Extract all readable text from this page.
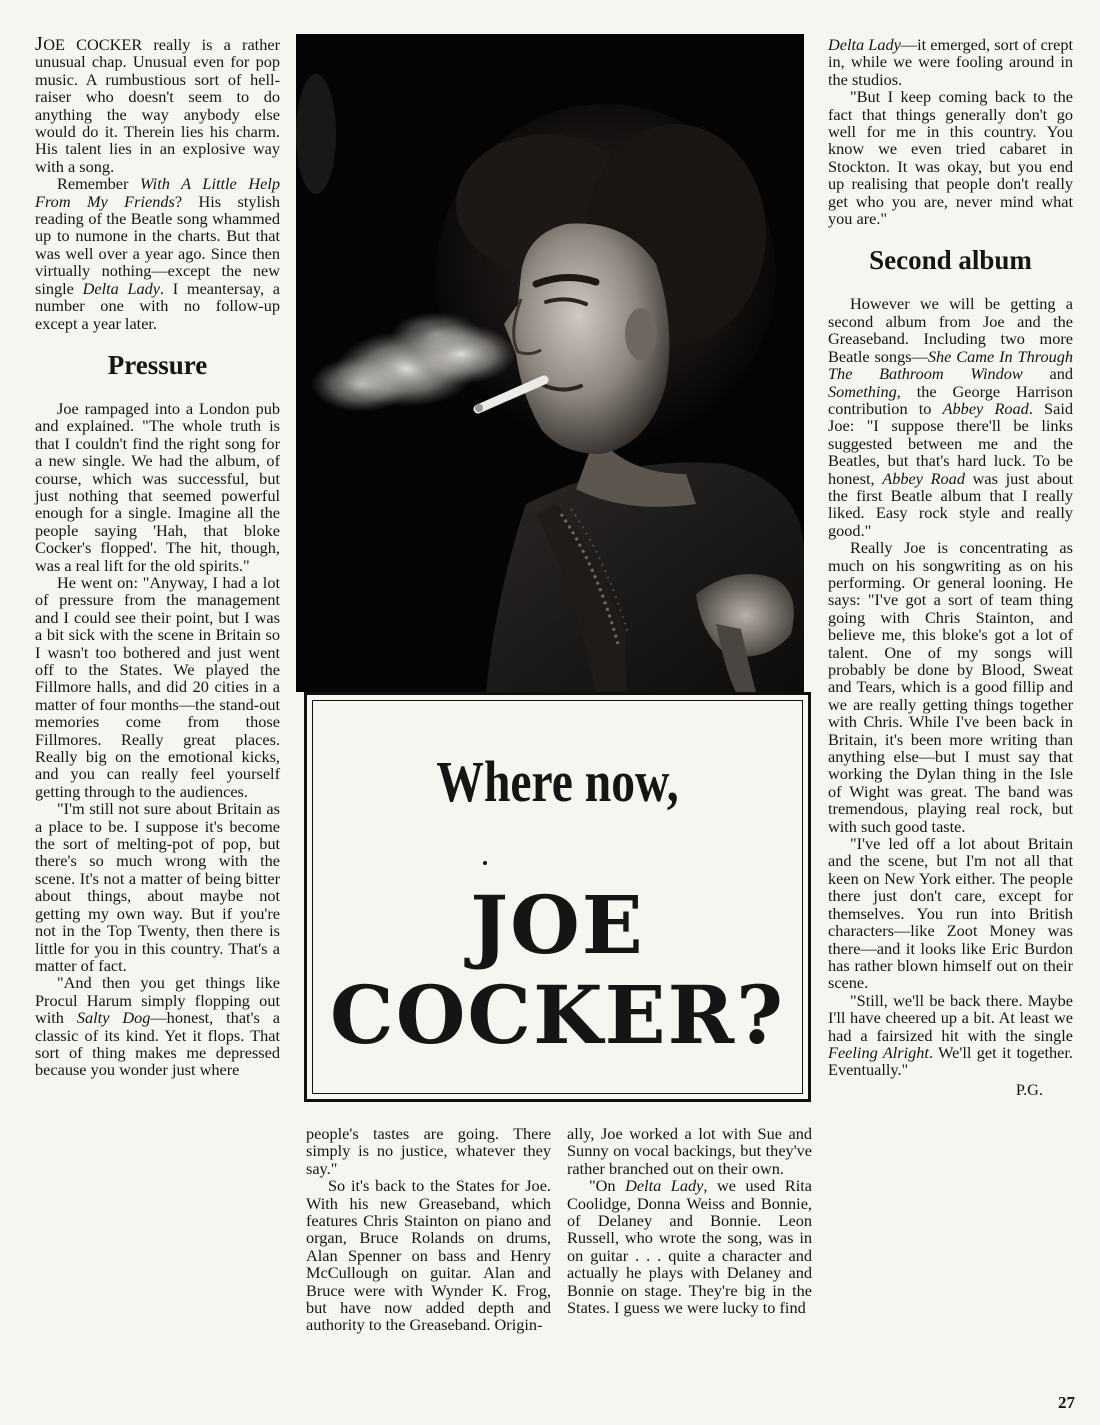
JOE COCKER really is a rather unusual chap. Unusual even for pop music. A rumbustious sort of hell-raiser who doesn't seem to do anything the way anybody else would do it. Therein lies his charm. His talent lies in an explosive way with a song.

Remember With A Little Help From My Friends? His stylish reading of the Beatle song whammed up to numone in the charts. But that was well over a year ago. Since then virtually nothing—except the new single Delta Lady. I meantersay, a number one with no follow-up except a year later.

Pressure

Joe rampaged into a London pub and explained. "The whole truth is that I couldn't find the right song for a new single. We had the album, of course, which was successful, but just nothing that seemed powerful enough for a single. Imagine all the people saying 'Hah, that bloke Cocker's flopped'. The hit, though, was a real lift for the old spirits."

He went on: "Anyway, I had a lot of pressure from the management and I could see their point, but I was a bit sick with the scene in Britain so I wasn't too bothered and just went off to the States. We played the Fillmore halls, and did 20 cities in a matter of four months—the stand-out memories come from those Fillmores. Really great places. Really big on the emotional kicks, and you can really feel yourself getting through to the audiences.

"I'm still not sure about Britain as a place to be. I suppose it's become the sort of melting-pot of pop, but there's so much wrong with the scene. It's not a matter of being bitter about things, about maybe not getting my own way. But if you're not in the Top Twenty, then there is little for you in this country. That's a matter of fact.

"And then you get things like Procul Harum simply flopping out with Salty Dog—honest, that's a classic of its kind. Yet it flops. That sort of thing makes me depressed because you wonder just where

Where now,
JOE
COCKER?

people's tastes are going. There simply is no justice, whatever they say."

So it's back to the States for Joe. With his new Greaseband, which features Chris Stainton on piano and organ, Bruce Rolands on drums, Alan Spenner on bass and Henry McCullough on guitar. Alan and Bruce were with Wynder K. Frog, but have now added depth and authority to the Greaseband. Origin-

ally, Joe worked a lot with Sue and Sunny on vocal backings, but they've rather branched out on their own.

"On Delta Lady, we used Rita Coolidge, Donna Weiss and Bonnie, of Delaney and Bonnie. Leon Russell, who wrote the song, was in on guitar . . . quite a character and actually he plays with Delaney and Bonnie on stage. They're big in the States. I guess we were lucky to find

Delta Lady—it emerged, sort of crept in, while we were fooling around in the studios.

"But I keep coming back to the fact that things generally don't go well for me in this country. You know we even tried cabaret in Stockton. It was okay, but you end up realising that people don't really get who you are, never mind what you are."

Second album

However we will be getting a second album from Joe and the Greaseband. Including two more Beatle songs—She Came In Through The Bathroom Window and Something, the George Harrison contribution to Abbey Road. Said Joe: "I suppose there'll be links suggested between me and the Beatles, but that's hard luck. To be honest, Abbey Road was just about the first Beatle album that I really liked. Easy rock style and really good."

Really Joe is concentrating as much on his songwriting as on his performing. Or general looning. He says: "I've got a sort of team thing going with Chris Stainton, and believe me, this bloke's got a lot of talent. One of my songs will probably be done by Blood, Sweat and Tears, which is a good fillip and we are really getting things together with Chris. While I've been back in Britain, it's been more writing than anything else—but I must say that working the Dylan thing in the Isle of Wight was great. The band was tremendous, playing real rock, but with such good taste.

"I've led off a lot about Britain and the scene, but I'm not all that keen on New York either. The people there just don't care, except for themselves. You run into British characters—like Zoot Money was there—and it looks like Eric Burdon has rather blown himself out on their scene.

"Still, we'll be back there. Maybe I'll have cheered up a bit. At least we had a fairsized hit with the single Feeling Alright. We'll get it together. Eventually."

P.G.

27
